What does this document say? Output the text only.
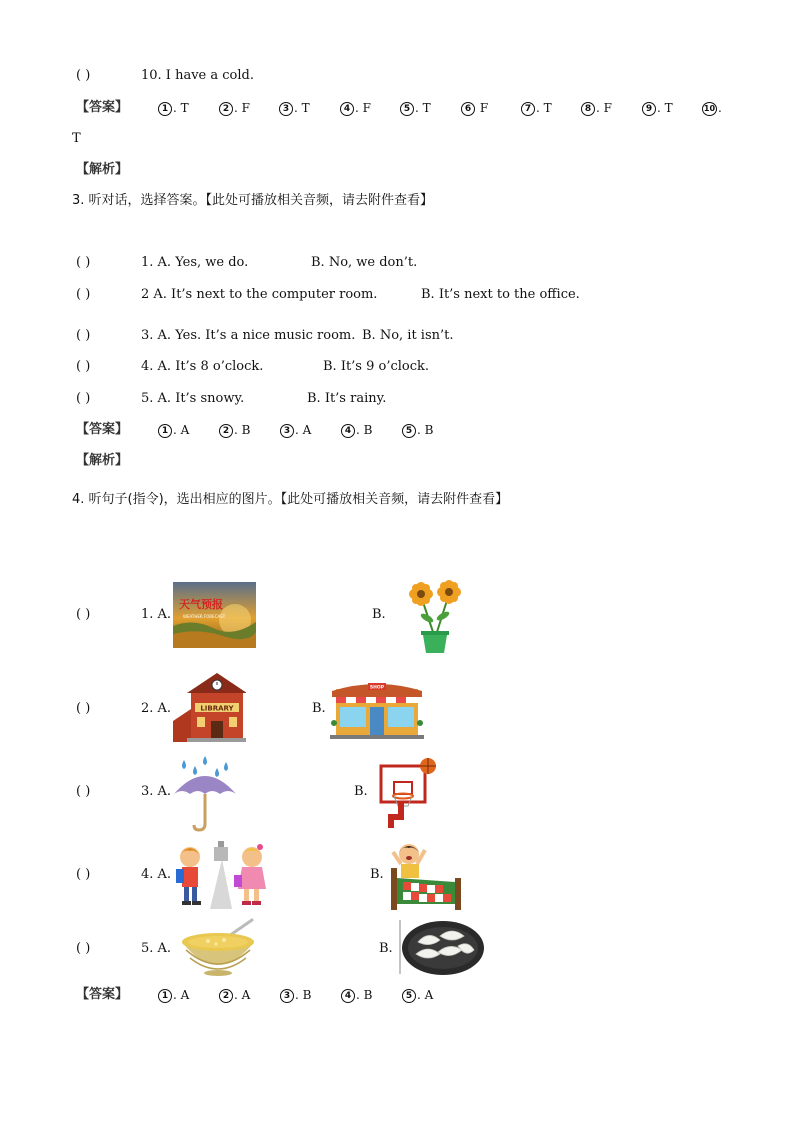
( )	10. I have a cold.
【答案】	1 . T	2 . F	3 . T	4 . F	5 . T	6 F	7 . T	8 . F	9 . T	10 .
T
【解析】
3. 听对话，选择答案。【此处可播放相关音频，请去附件查看】
( )	1. A. Yes, we do.	B. No, we don’t.
( )	2 A. It’s next to the computer room.	B. It’s next to the office.
( )	3. A. Yes. It’s a nice music room. B. No, it isn’t.
( )	4. A. It’s 8 o’clock.	B. It’s 9 o’clock.
( )	5. A. It’s snowy.	B. It’s rainy.
【答案】	1 . A	2 . B	3 . A	4 . B	5 . B
【解析】
4. 听句子(指令)，选出相应的图片。【此处可播放相关音频，请去附件查看】
( )	1. A.
天气预报
WEATHER FORECAST	B.
( )	2. A.	LIBRARY	B.
SHOP
( )	3. A.	B.
( )	4. A.	B.
( )	5. A.	B.
【答案】	1 . A	2 . A	3 . B	4 . B	5 . A
